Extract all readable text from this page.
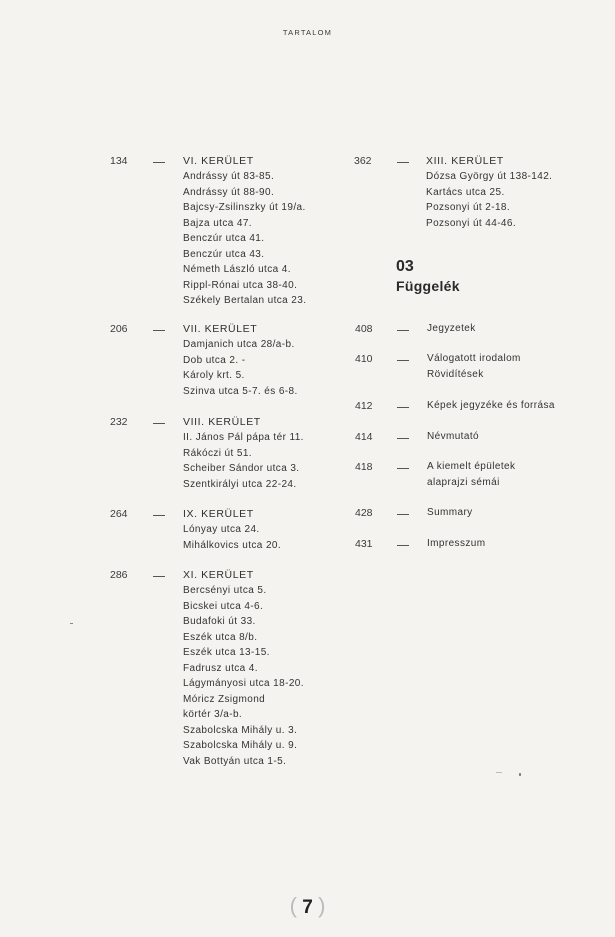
TARTALOM
134	VI. KERÜLET
Andrássy út 83-85.
Andrássy út 88-90.
Bajcsy-Zsilinszky út 19/a.
Bajza utca 47.
Benczúr utca 41.
Benczúr utca 43.
Németh László utca 4.
Rippl-Rónai utca 38-40.
Székely Bertalan utca 23.
206	VII. KERÜLET
Damjanich utca 28/a-b.
Dob utca 2. -
Károly krt. 5.
Szinva utca 5-7. és 6-8.
232	VIII. KERÜLET
II. János Pál pápa tér 11.
Rákóczi út 51.
Scheiber Sándor utca 3.
Szentkirályi utca 22-24.
264	IX. KERÜLET
Lónyay utca 24.
Mihálkovics utca 20.
286	XI. KERÜLET
Bercsényi utca 5.
Bicskei utca 4-6.
Budafoki út 33.
Eszék utca 8/b.
Eszék utca 13-15.
Fadrusz utca 4.
Lágymányosi utca 18-20.
Móricz Zsigmond
körtér 3/a-b.
Szabolcska Mihály u. 3.
Szabolcska Mihály u. 9.
Vak Bottyán utca 1-5.
362	XIII. KERÜLET
Dózsa György út 138-142.
Kartács utca 25.
Pozsonyi út 2-18.
Pozsonyi út 44-46.
03
Függelék
408	Jegyzetek
410	Válogatott irodalom
Rövidítések
412	Képek jegyzéke és forrása
414	Névmutató
418	A kiemelt épületek
alaprajzi sémái
428	Summary
431	Impresszum
( 7 )
